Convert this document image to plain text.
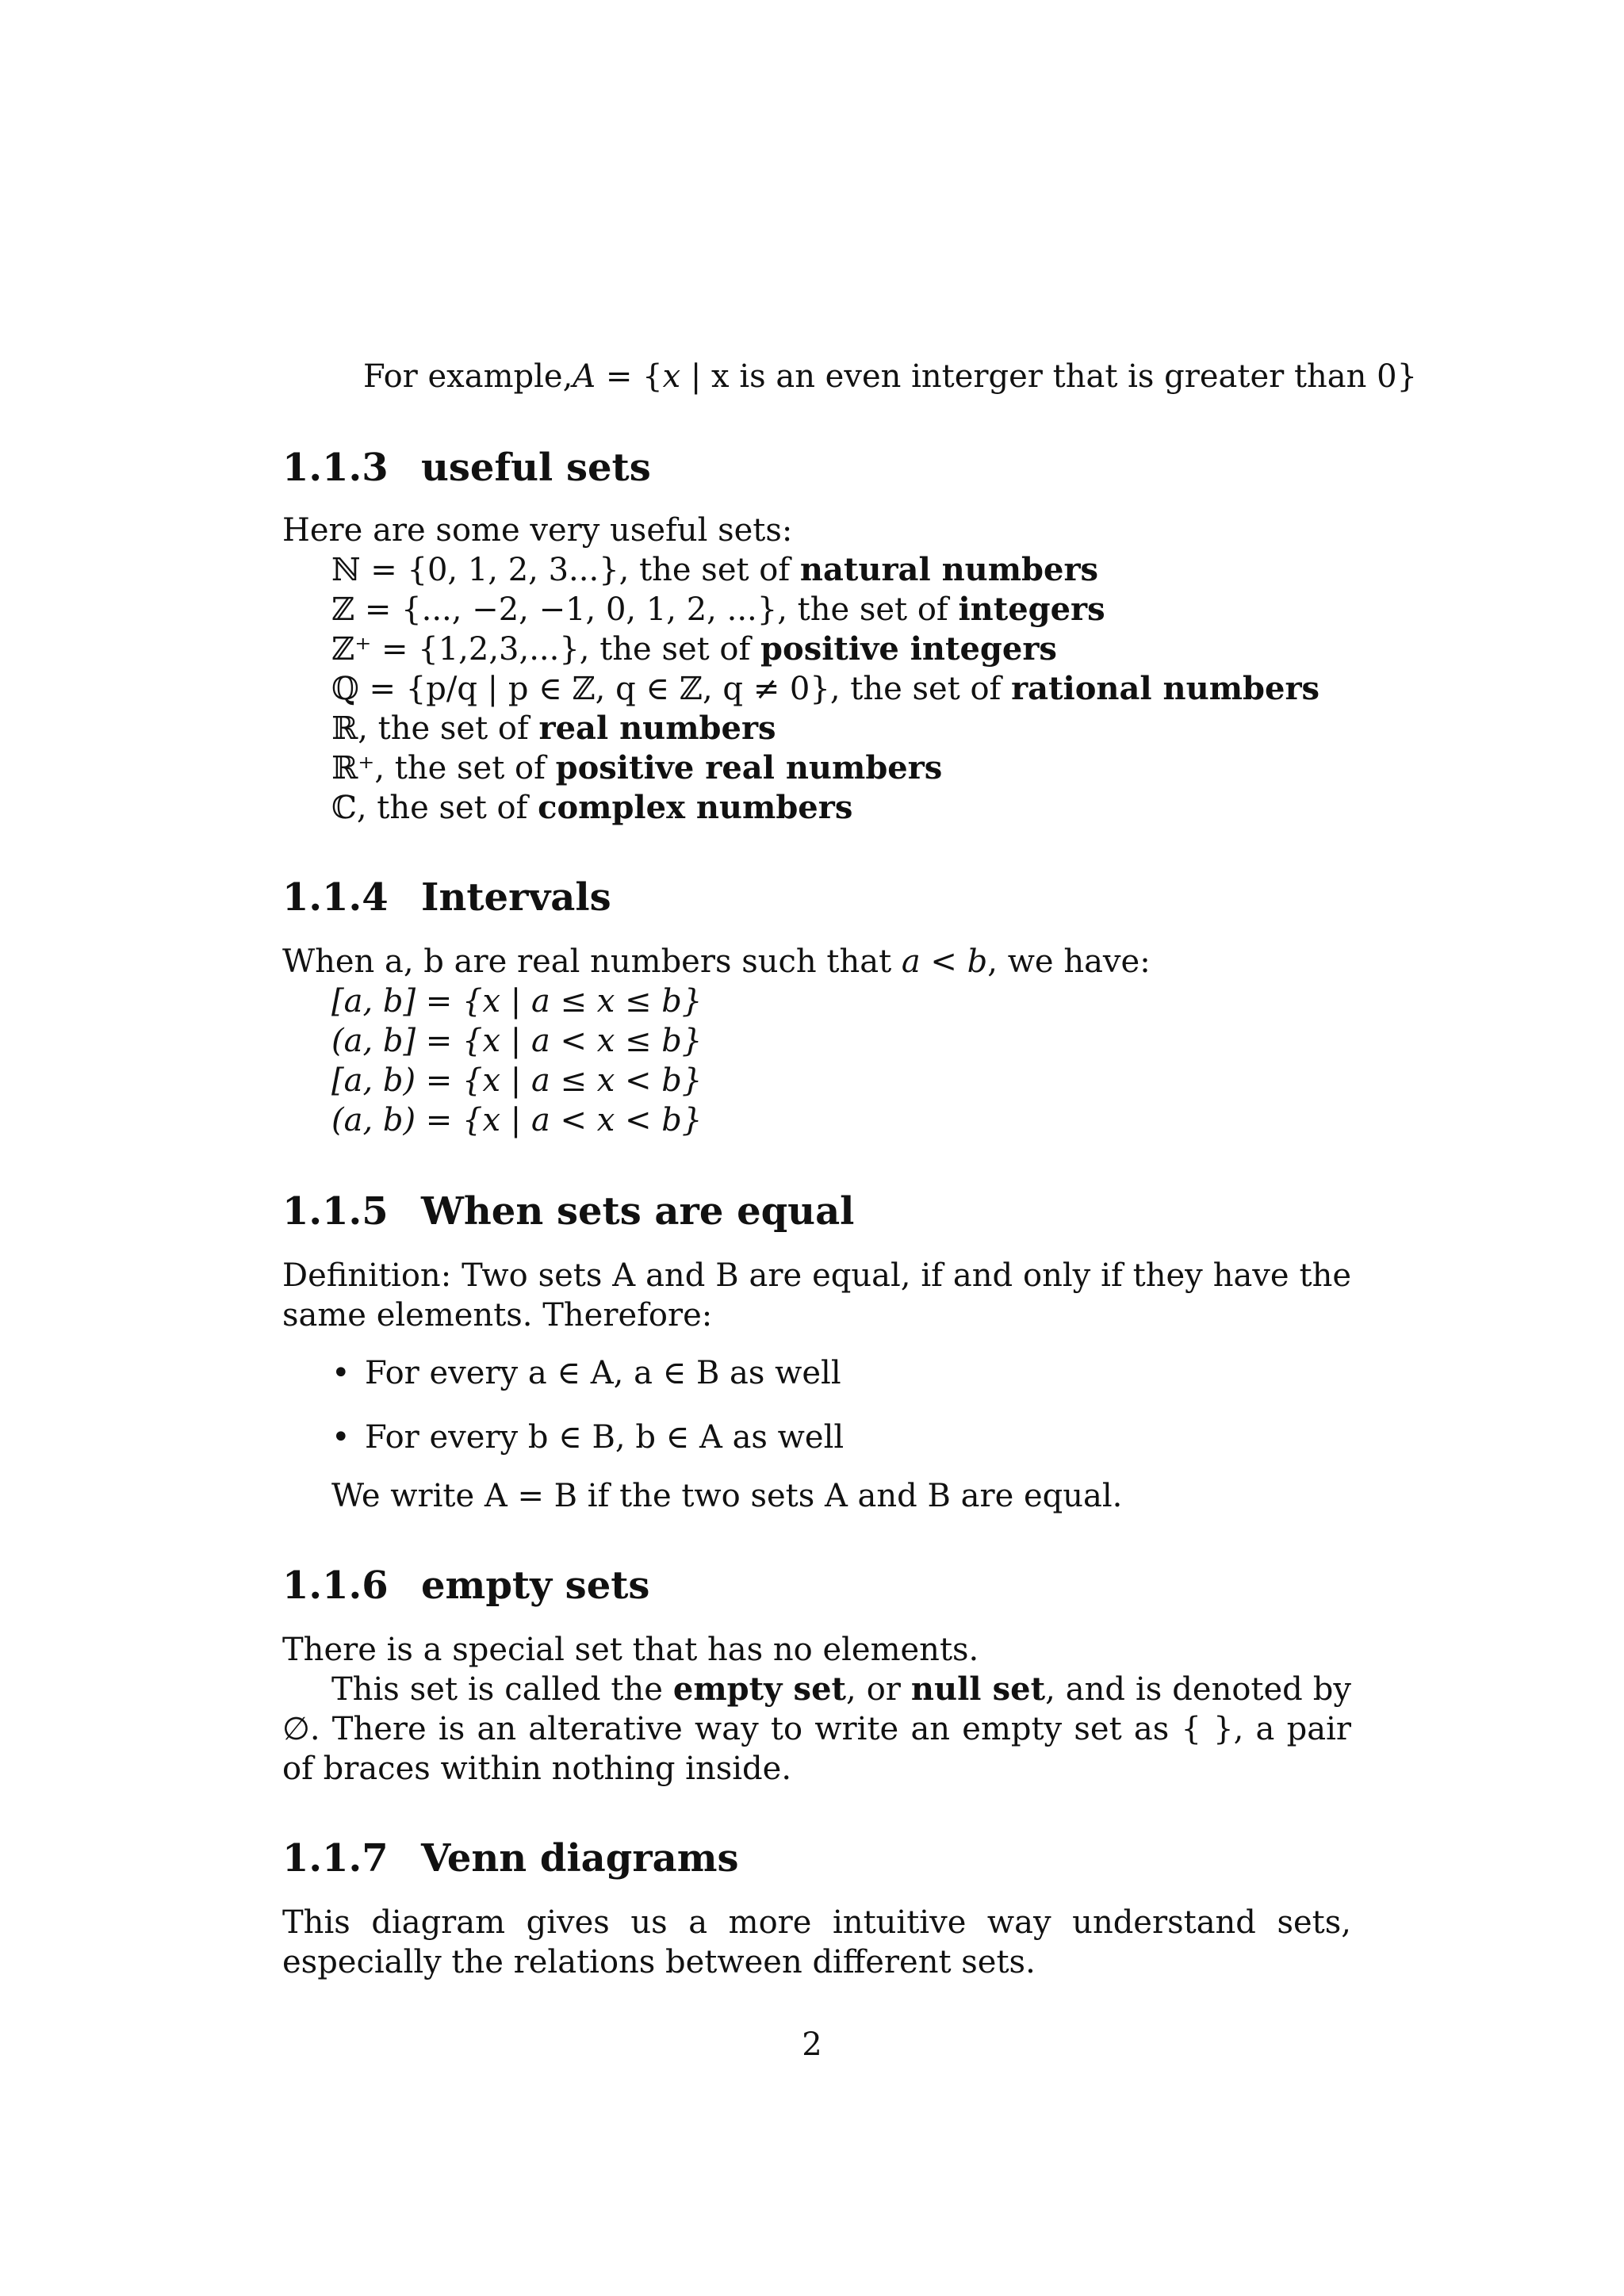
For example,A = {x | x is an even interger that is greater than 0}
1.1.3 useful sets
Here are some very useful sets:
ℕ = {0, 1, 2, 3...}, the set of natural numbers
ℤ = {..., −2, −1, 0, 1, 2, ...}, the set of integers
ℤ⁺ = {1,2,3,...}, the set of positive integers
ℚ = {p/q | p ∈ ℤ, q ∈ ℤ, q ≠ 0}, the set of rational numbers
ℝ, the set of real numbers
ℝ⁺, the set of positive real numbers
ℂ, the set of complex numbers
1.1.4 Intervals
When a, b are real numbers such that a < b, we have:
[a, b] = {x | a ≤ x ≤ b}
(a, b] = {x | a < x ≤ b}
[a, b) = {x | a ≤ x < b}
(a, b) = {x | a < x < b}
1.1.5 When sets are equal
Definition: Two sets A and B are equal, if and only if they have the same elements. Therefore:
• For every a ∈ A, a ∈ B as well
• For every b ∈ B, b ∈ A as well
We write A = B if the two sets A and B are equal.
1.1.6 empty sets
There is a special set that has no elements.
This set is called the empty set, or null set, and is denoted by ∅. There is an alterative way to write an empty set as { }, a pair of braces within nothing inside.
1.1.7 Venn diagrams
This diagram gives us a more intuitive way understand sets, especially the relations between different sets.
2
